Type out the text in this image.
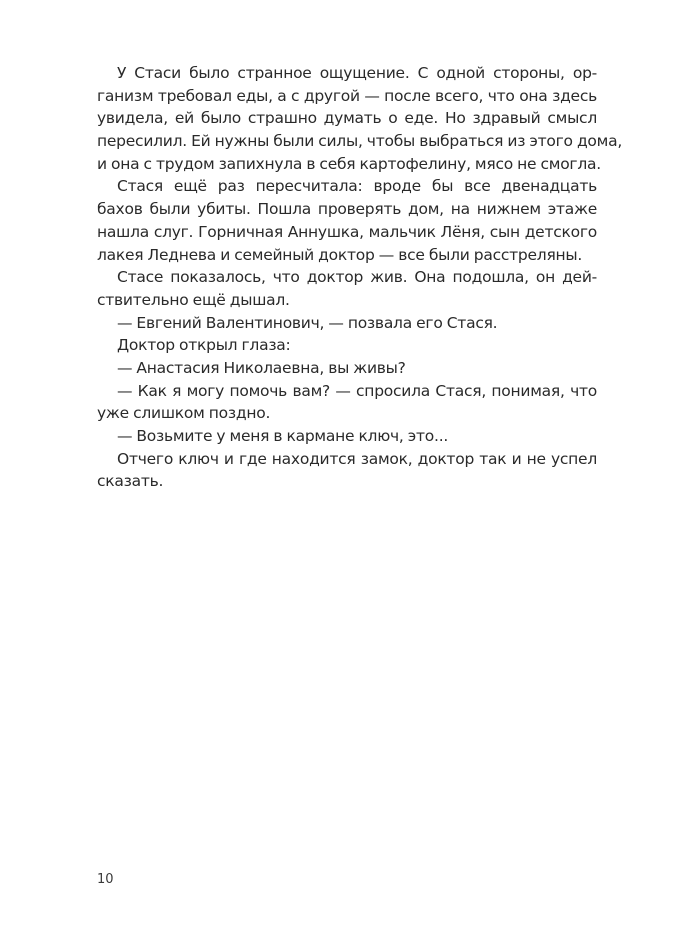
У Стаси было странное ощущение. С одной стороны, ор-
ганизм требовал еды, а с другой — после всего, что она здесь
увидела, ей было страшно думать о еде. Но здравый смысл
пересилил. Ей нужны были силы, чтобы выбраться из этого дома,
и она с трудом запихнула в себя картофелину, мясо не смогла.
Стася ещё раз пересчитала: вроде бы все двенадцать
бахов были убиты. Пошла проверять дом, на нижнем этаже
нашла слуг. Горничная Аннушка, мальчик Лёня, сын детского
лакея Леднева и семейный доктор — все были расстреляны.
Стасе показалось, что доктор жив. Она подошла, он дей-
ствительно ещё дышал.
— Евгений Валентинович, — позвала его Стася.
Доктор открыл глаза:
— Анастасия Николаевна, вы живы?
— Как я могу помочь вам? — спросила Стася, понимая, что
уже слишком поздно.
— Возьмите у меня в кармане ключ, это...
Отчего ключ и где находится замок, доктор так и не успел
сказать.
10
